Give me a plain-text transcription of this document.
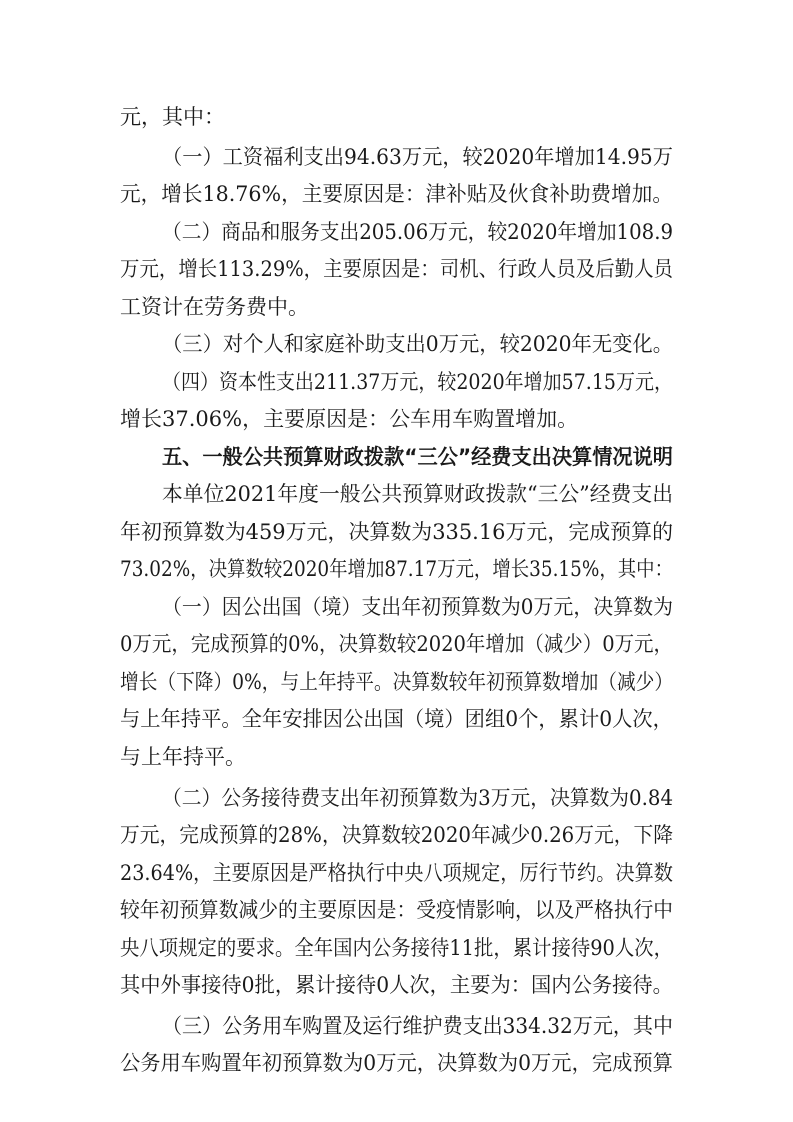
元，其中：
（一）工资福利支出94.63万元，较2020年增加14.95万
元，增长18.76%，主要原因是：津补贴及伙食补助费增加。
（二）商品和服务支出205.06万元，较2020年增加108.9
万元，增长113.29%，主要原因是：司机、行政人员及后勤人员
工资计在劳务费中。
（三）对个人和家庭补助支出0万元，较2020年无变化。
（四）资本性支出211.37万元，较2020年增加57.15万元，
增长37.06%，主要原因是：公车用车购置增加。
五、一般公共预算财政拨款“三公”经费支出决算情况说明
本单位2021年度一般公共预算财政拨款“三公”经费支出
年初预算数为459万元，决算数为335.16万元，完成预算的
73.02%，决算数较2020年增加87.17万元，增长35.15%，其中：
（一）因公出国（境）支出年初预算数为0万元，决算数为
0万元，完成预算的0%，决算数较2020年增加（减少）0万元，
增长（下降）0%，与上年持平。决算数较年初预算数增加（减少）
与上年持平。全年安排因公出国（境）团组0个，累计0人次，
与上年持平。
（二）公务接待费支出年初预算数为3万元，决算数为0.84
万元，完成预算的28%，决算数较2020年减少0.26万元，下降
23.64%，主要原因是严格执行中央八项规定，厉行节约。决算数
较年初预算数减少的主要原因是：受疫情影响，以及严格执行中
央八项规定的要求。全年国内公务接待11批，累计接待90人次，
其中外事接待0批，累计接待0人次，主要为：国内公务接待。
（三）公务用车购置及运行维护费支出334.32万元，其中
公务用车购置年初预算数为0万元，决算数为0万元，完成预算
